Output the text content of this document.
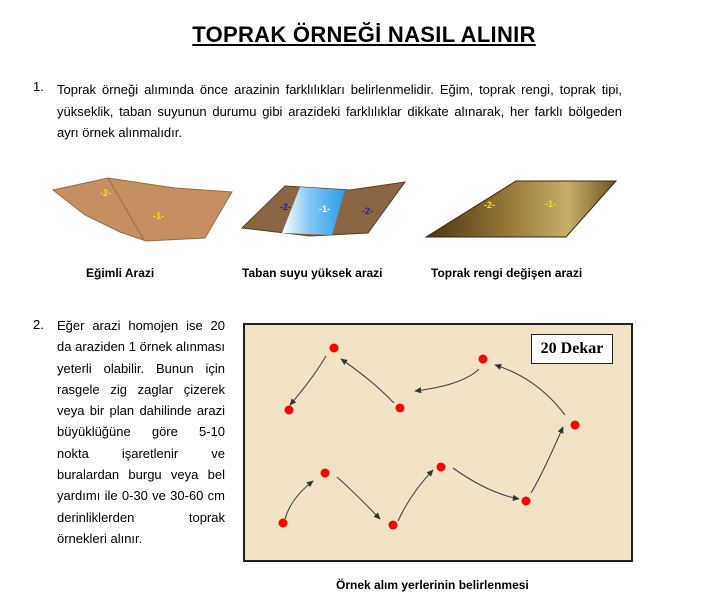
TOPRAK ÖRNEĞİ NASIL ALINIR
1. Toprak örneği alımında önce arazinin farklılıkları belirlenmelidir. Eğim, toprak rengi, toprak tipi, yükseklik, taban suyunun durumu gibi arazideki farklılıklar dikkate alınarak, her farklı bölgeden ayrı örnek alınmalıdır.
-2-
-1-
-2-	-1-	-2-
-2-	-1-
Eğimli Arazi	Taban suyu yüksek arazi	Toprak rengi değişen arazi
2. Eğer arazi homojen ise 20 da araziden 1 örnek alınması yeterli olabilir. Bunun için rasgele zig zaglar çizerek veya bir plan dahilinde arazi büyüklüğüne göre 5-10 nokta işaretlenir ve buralardan burgu veya bel yardımı ile 0-30 ve 30-60 cm derinliklerden toprak örnekleri alınır.
20 Dekar
Örnek alım yerlerinin belirlenmesi
